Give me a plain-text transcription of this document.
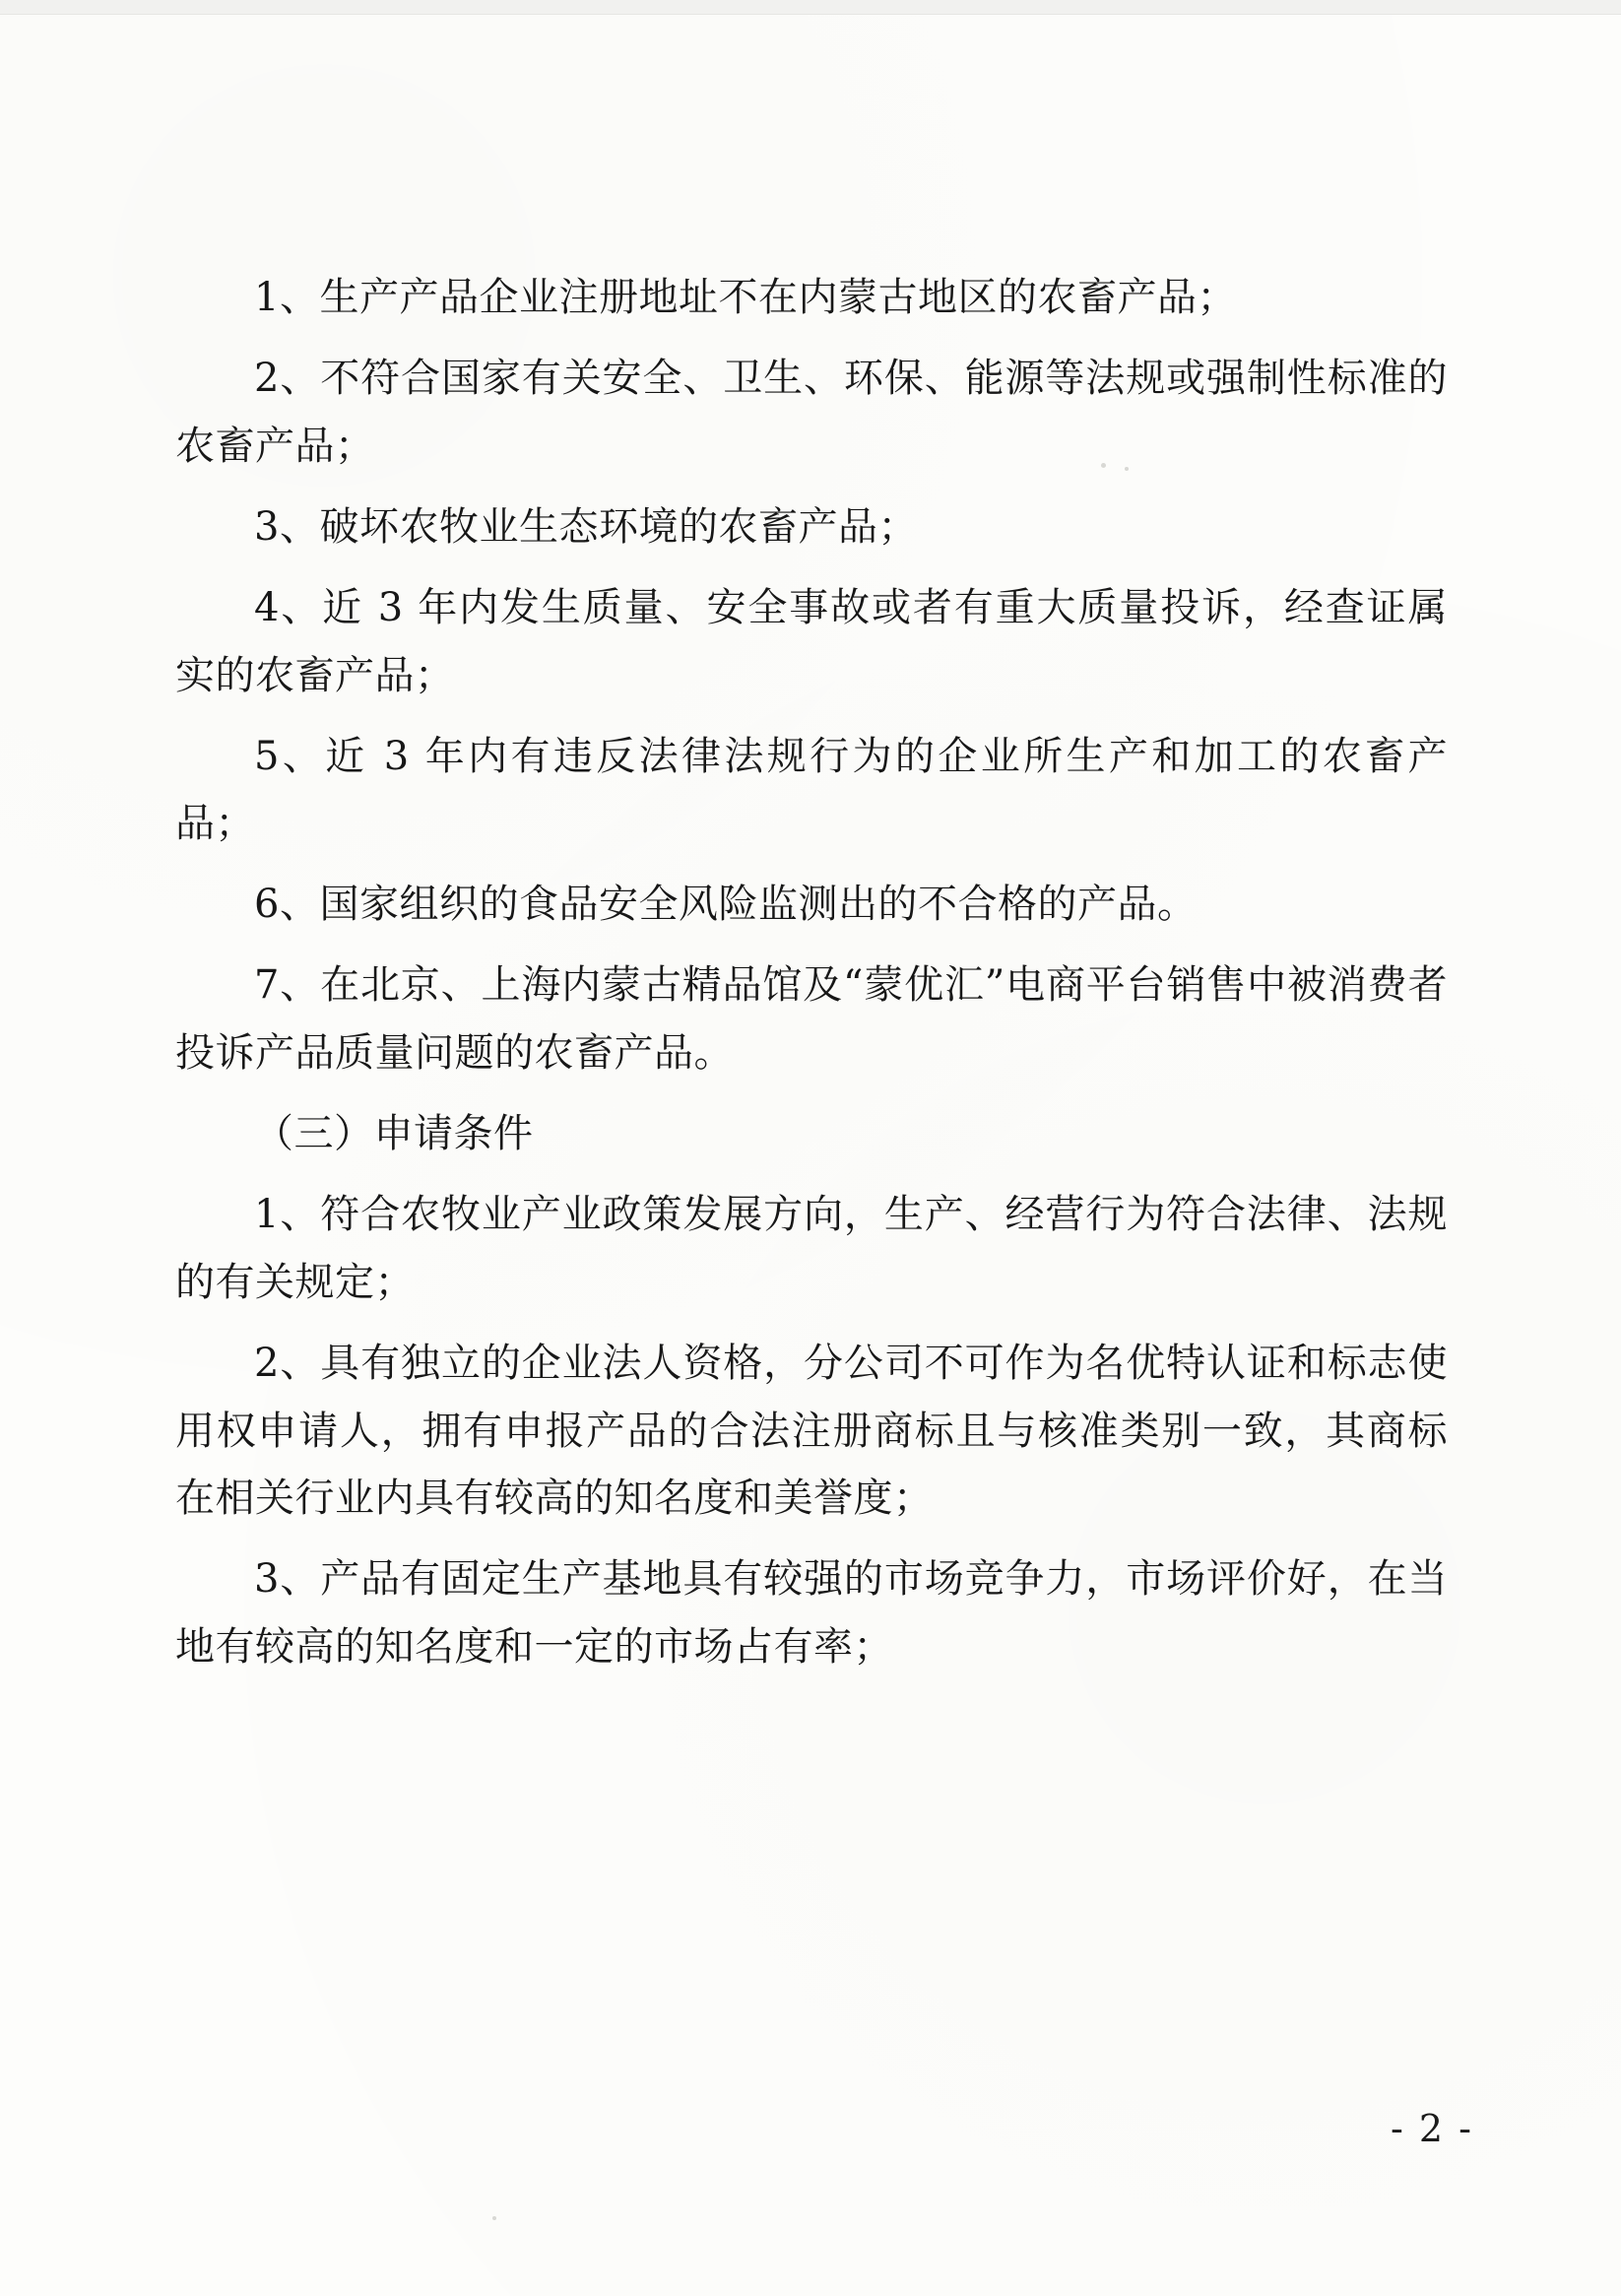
1、生产产品企业注册地址不在内蒙古地区的农畜产品；

2、不符合国家有关安全、卫生、环保、能源等法规或强制性标准的农畜产品；

3、破坏农牧业生态环境的农畜产品；

4、近 3 年内发生质量、安全事故或者有重大质量投诉，经查证属实的农畜产品；

5、近 3 年内有违反法律法规行为的企业所生产和加工的农畜产品；

6、国家组织的食品安全风险监测出的不合格的产品。

7、在北京、上海内蒙古精品馆及“蒙优汇”电商平台销售中被消费者投诉产品质量问题的农畜产品。

（三）申请条件

1、符合农牧业产业政策发展方向，生产、经营行为符合法律、法规的有关规定；

2、具有独立的企业法人资格，分公司不可作为名优特认证和标志使用权申请人，拥有申报产品的合法注册商标且与核准类别一致，其商标在相关行业内具有较高的知名度和美誉度；

3、产品有固定生产基地具有较强的市场竞争力，市场评价好，在当地有较高的知名度和一定的市场占有率；

- 2 -
